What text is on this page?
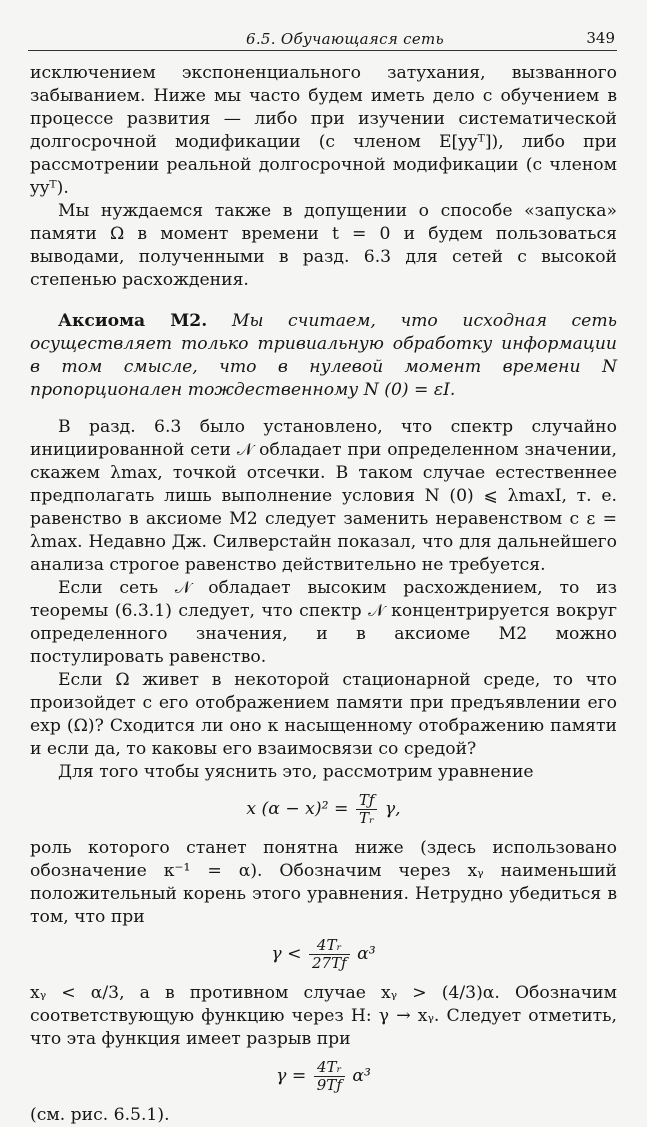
6.5. Обучающаяся сеть	349

исключением экспоненциального затухания, вызванного забыванием. Ниже мы часто будем иметь дело с обучением в процессе развития — либо при изучении систематической долгосрочной модификации (с членом E[yyᵀ]), либо при рассмотрении реальной долгосрочной модификации (с членом yyᵀ).

Мы нуждаемся также в допущении о способе «запуска» памяти Ω в момент времени t = 0 и будем пользоваться выводами, полученными в разд. 6.3 для сетей с высокой степенью расхождения.

Аксиома М2. Мы считаем, что исходная сеть осуществляет только тривиальную обработку информации в том смысле, что в нулевой момент времени N пропорционален тождественному N (0) = εI.

В разд. 6.3 было установлено, что спектр случайно инициированной сети 𝒩 обладает при определенном значении, скажем λmax, точкой отсечки. В таком случае естественнее предполагать лишь выполнение условия N (0) ⩽ λmaxI, т. е. равенство в аксиоме М2 следует заменить неравенством с ε = λmax. Недавно Дж. Силверстайн показал, что для дальнейшего анализа строгое равенство действительно не требуется.

Если сеть 𝒩 обладает высоким расхождением, то из теоремы (6.3.1) следует, что спектр 𝒩 концентрируется вокруг определенного значения, и в аксиоме М2 можно постулировать равенство.

Если Ω живет в некоторой стационарной среде, то что произойдет с его отображением памяти при предъявлении его exp (Ω)? Сходится ли оно к насыщенному отображению памяти и если да, то каковы его взаимосвязи со средой?

Для того чтобы уяснить это, рассмотрим уравнение

x $(\alpha - x)^2 = \frac{Tƒ}{\text{Tᵣ}} \gamma$,

роль которого станет понятна ниже (здесь использовано обозначение κ⁻¹ = α). Обозначим через xᵧ наименьший положительный корень этого уравнения. Нетрудно убедиться в том, что при

$\gamma < \frac{\text{4Tᵣ}}{27Tƒ} \alpha^3$

xᵧ < α/3, а в противном случае xᵧ > (4/3)α. Обозначим соответствующую функцию через H: γ → xᵧ. Следует отметить, что эта функция имеет разрыв при

$\gamma = \frac{\text{4Tᵣ}}{9Tƒ} \alpha^3$

(см. рис. 6.5.1).
